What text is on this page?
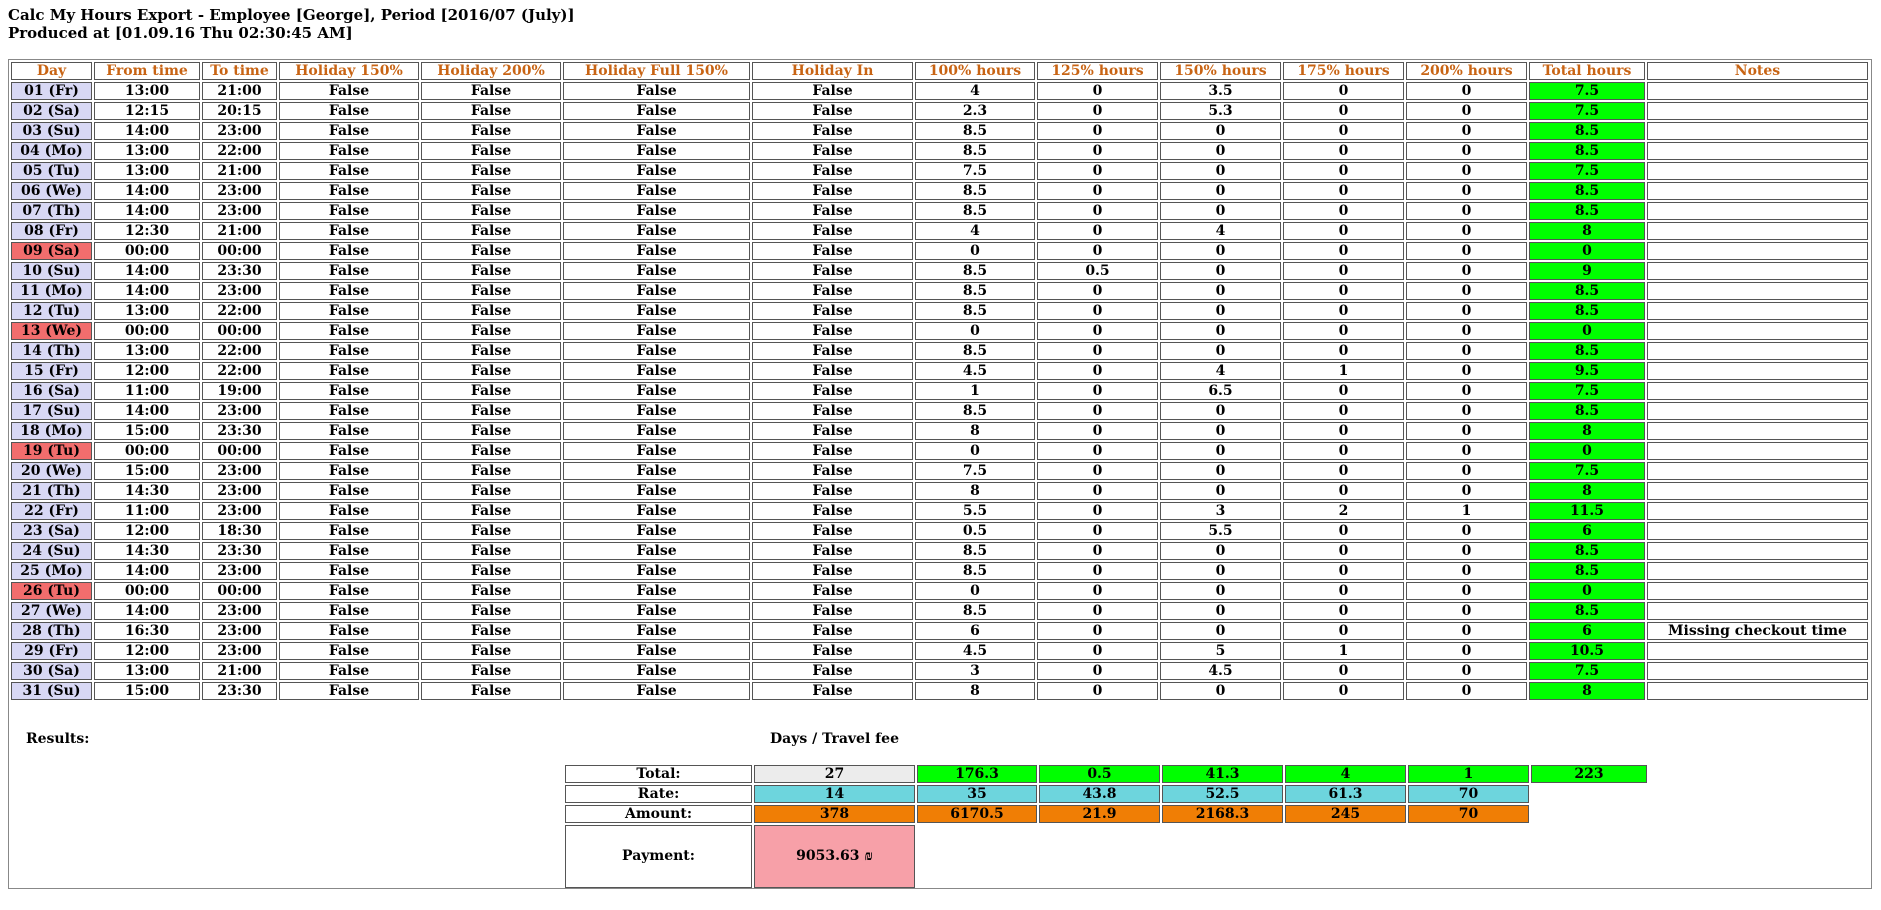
Calc My Hours Export - Employee [George], Period [2016/07 (July)]
Produced at [01.09.16 Thu 02:30:45 AM]
Day	From time	To time	Holiday 150%	Holiday 200%	Holiday Full 150%	Holiday In	100% hours	125% hours	150% hours	175% hours	200% hours	Total hours	Notes
01 (Fr)	13:00	21:00	False	False	False	False	4	0	3.5	0	0	7.5	
02 (Sa)	12:15	20:15	False	False	False	False	2.3	0	5.3	0	0	7.5	
03 (Su)	14:00	23:00	False	False	False	False	8.5	0	0	0	0	8.5	
04 (Mo)	13:00	22:00	False	False	False	False	8.5	0	0	0	0	8.5	
05 (Tu)	13:00	21:00	False	False	False	False	7.5	0	0	0	0	7.5	
06 (We)	14:00	23:00	False	False	False	False	8.5	0	0	0	0	8.5	
07 (Th)	14:00	23:00	False	False	False	False	8.5	0	0	0	0	8.5	
08 (Fr)	12:30	21:00	False	False	False	False	4	0	4	0	0	8	
09 (Sa)	00:00	00:00	False	False	False	False	0	0	0	0	0	0	
10 (Su)	14:00	23:30	False	False	False	False	8.5	0.5	0	0	0	9	
11 (Mo)	14:00	23:00	False	False	False	False	8.5	0	0	0	0	8.5	
12 (Tu)	13:00	22:00	False	False	False	False	8.5	0	0	0	0	8.5	
13 (We)	00:00	00:00	False	False	False	False	0	0	0	0	0	0	
14 (Th)	13:00	22:00	False	False	False	False	8.5	0	0	0	0	8.5	
15 (Fr)	12:00	22:00	False	False	False	False	4.5	0	4	1	0	9.5	
16 (Sa)	11:00	19:00	False	False	False	False	1	0	6.5	0	0	7.5	
17 (Su)	14:00	23:00	False	False	False	False	8.5	0	0	0	0	8.5	
18 (Mo)	15:00	23:30	False	False	False	False	8	0	0	0	0	8	
19 (Tu)	00:00	00:00	False	False	False	False	0	0	0	0	0	0	
20 (We)	15:00	23:00	False	False	False	False	7.5	0	0	0	0	7.5	
21 (Th)	14:30	23:00	False	False	False	False	8	0	0	0	0	8	
22 (Fr)	11:00	23:00	False	False	False	False	5.5	0	3	2	1	11.5	
23 (Sa)	12:00	18:30	False	False	False	False	0.5	0	5.5	0	0	6	
24 (Su)	14:30	23:30	False	False	False	False	8.5	0	0	0	0	8.5	
25 (Mo)	14:00	23:00	False	False	False	False	8.5	0	0	0	0	8.5	
26 (Tu)	00:00	00:00	False	False	False	False	0	0	0	0	0	0	
27 (We)	14:00	23:00	False	False	False	False	8.5	0	0	0	0	8.5	
28 (Th)	16:30	23:00	False	False	False	False	6	0	0	0	0	6	Missing checkout time
29 (Fr)	12:00	23:00	False	False	False	False	4.5	0	5	1	0	10.5	
30 (Sa)	13:00	21:00	False	False	False	False	3	0	4.5	0	0	7.5	
31 (Su)	15:00	23:30	False	False	False	False	8	0	0	0	0	8	
Results:	Days / Travel fee
Total:	27	176.3	0.5	41.3	4	1	223
Rate:	14	35	43.8	52.5	61.3	70
Amount:	378	6170.5	21.9	2168.3	245	70
Payment:	9053.63 ₪
